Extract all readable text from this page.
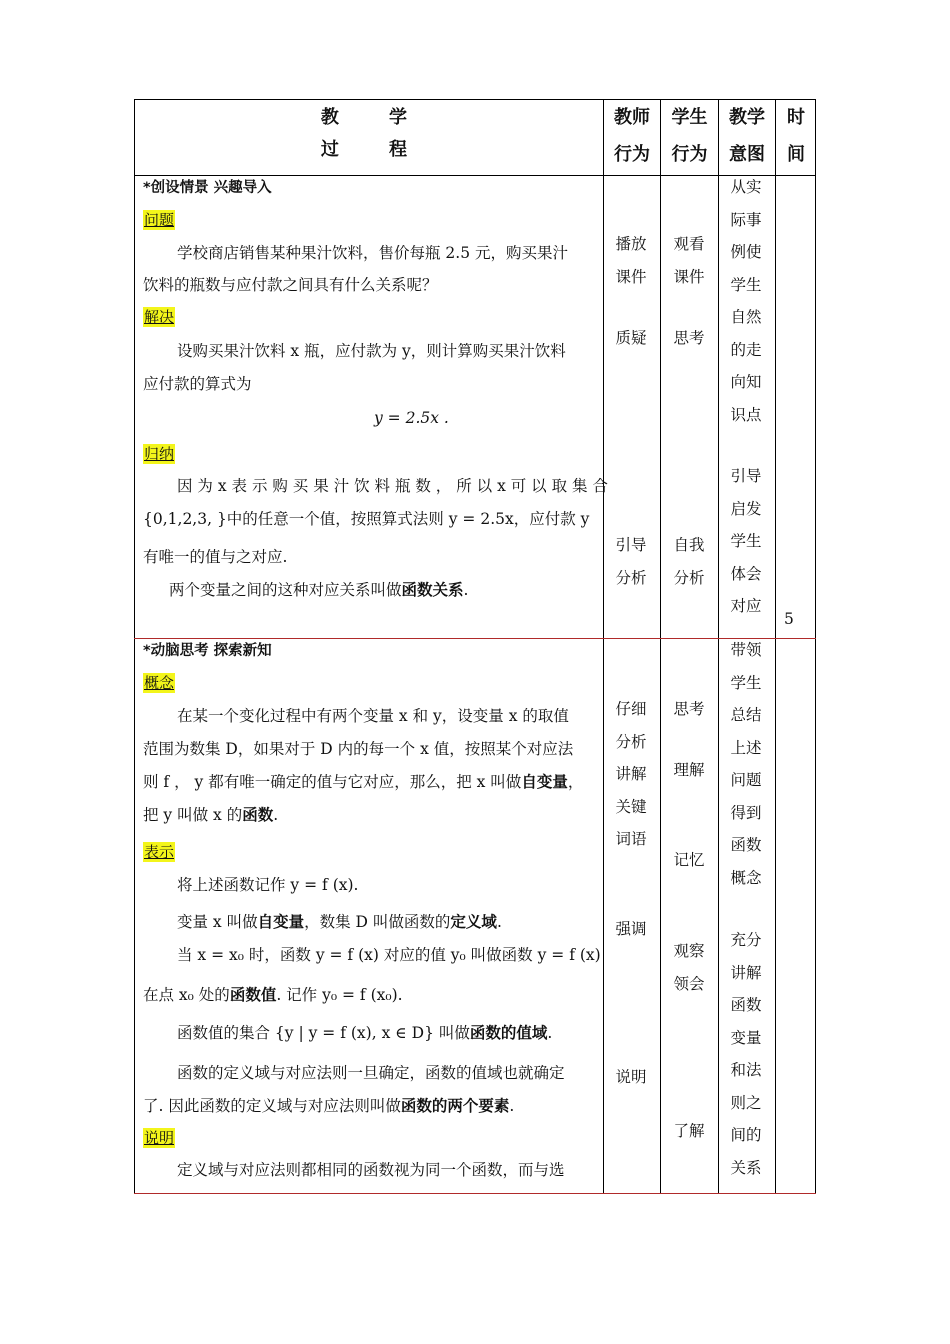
教        学
过        程
教师
行为
学生
行为
教学
意图
时
间
*创设情景 兴趣导入
问题
学校商店销售某种果汁饮料，售价每瓶 2.5 元，购买果汁
饮料的瓶数与应付款之间具有什么关系呢？
解决
设购买果汁饮料 x 瓶，应付款为 y，则计算购买果汁饮料
应付款的算式为
y = 2.5x .
归纳
因 为 x 表 示 购 买 果 汁 饮 料 瓶 数 ， 所 以 x 可 以 取 集 合
{0,1,2,3, }中的任意一个值，按照算式法则 y = 2.5x，应付款 y
有唯一的值与之对应.
两个变量之间的这种对应关系叫做函数关系.
播放
课件
质疑
引导
分析
观看
课件
思考
自我
分析
从实
际事
例使
学生
自然
的走
向知
识点
引导
启发
学生
体会
对应
5
*动脑思考 探索新知
概念
在某一个变化过程中有两个变量 x 和 y，设变量 x 的取值
范围为数集 D，如果对于 D 内的每一个 x 值，按照某个对应法
则 f ， y 都有唯一确定的值与它对应，那么，把 x 叫做自变量，
把 y 叫做 x 的函数.
表示
将上述函数记作 y = f (x).
变量 x 叫做自变量，数集 D 叫做函数的定义域.
当 x = x₀ 时，函数 y = f (x) 对应的值 y₀ 叫做函数 y = f (x)
在点 x₀ 处的函数值. 记作 y₀ = f (x₀).
函数值的集合 {y | y = f (x), x ∈ D} 叫做函数的值域.
函数的定义域与对应法则一旦确定，函数的值域也就确定
了. 因此函数的定义域与对应法则叫做函数的两个要素.
说明
定义域与对应法则都相同的函数视为同一个函数，而与选
仔细
分析
讲解
关键
词语
强调
说明
思考
理解
记忆
观察
领会
了解
带领
学生
总结
上述
问题
得到
函数
概念
充分
讲解
函数
变量
和法
则之
间的
关系
